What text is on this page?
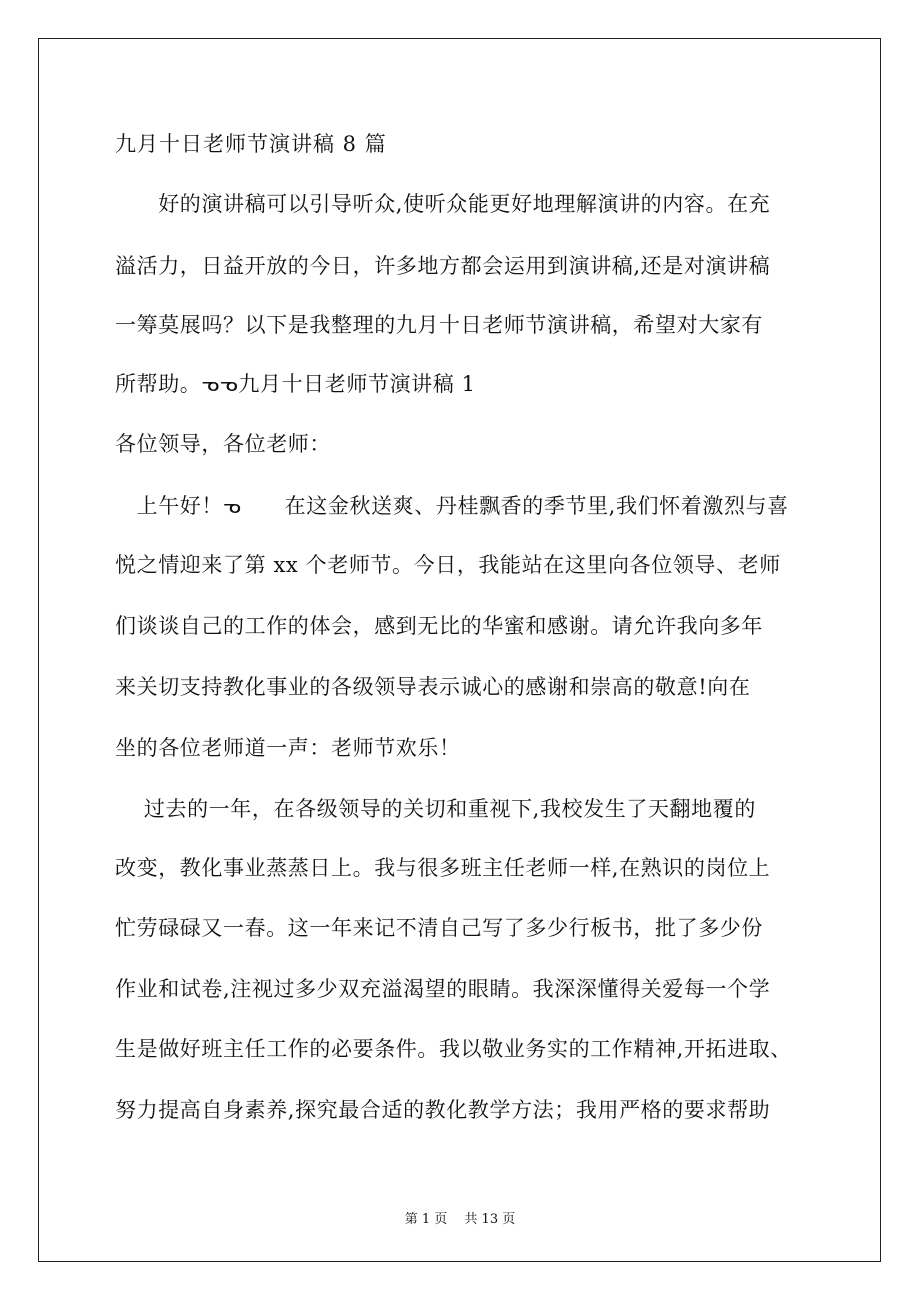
九月十日老师节演讲稿 8 篇
　　好的演讲稿可以引导听众,使听众能更好地理解演讲的内容。在充
溢活力，日益开放的今日，许多地方都会运用到演讲稿,还是对演讲稿
一筹莫展吗？以下是我整理的九月十日老师节演讲稿，希望对大家有
所帮助。ᓀᓀ九月十日老师节演讲稿 1
各位领导，各位老师：
　上午好！ᓀ　　在这金秋送爽、丹桂飘香的季节里,我们怀着激烈与喜
悦之情迎来了第 xx 个老师节。今日，我能站在这里向各位领导、老师
们谈谈自己的工作的体会，感到无比的华蜜和感谢。请允许我向多年
来关切支持教化事业的各级领导表示诚心的感谢和崇高的敬意!向在
坐的各位老师道一声：老师节欢乐！
　 过去的一年，在各级领导的关切和重视下,我校发生了天翻地覆的
改变，教化事业蒸蒸日上。我与很多班主任老师一样,在熟识的岗位上
忙劳碌碌又一春。这一年来记不清自己写了多少行板书，批了多少份
作业和试卷,注视过多少双充溢渴望的眼睛。我深深懂得关爱每一个学
生是做好班主任工作的必要条件。我以敬业务实的工作精神,开拓进取、
努力提高自身素养,探究最合适的教化教学方法；我用严格的要求帮助
第 1 页　 共 13 页
